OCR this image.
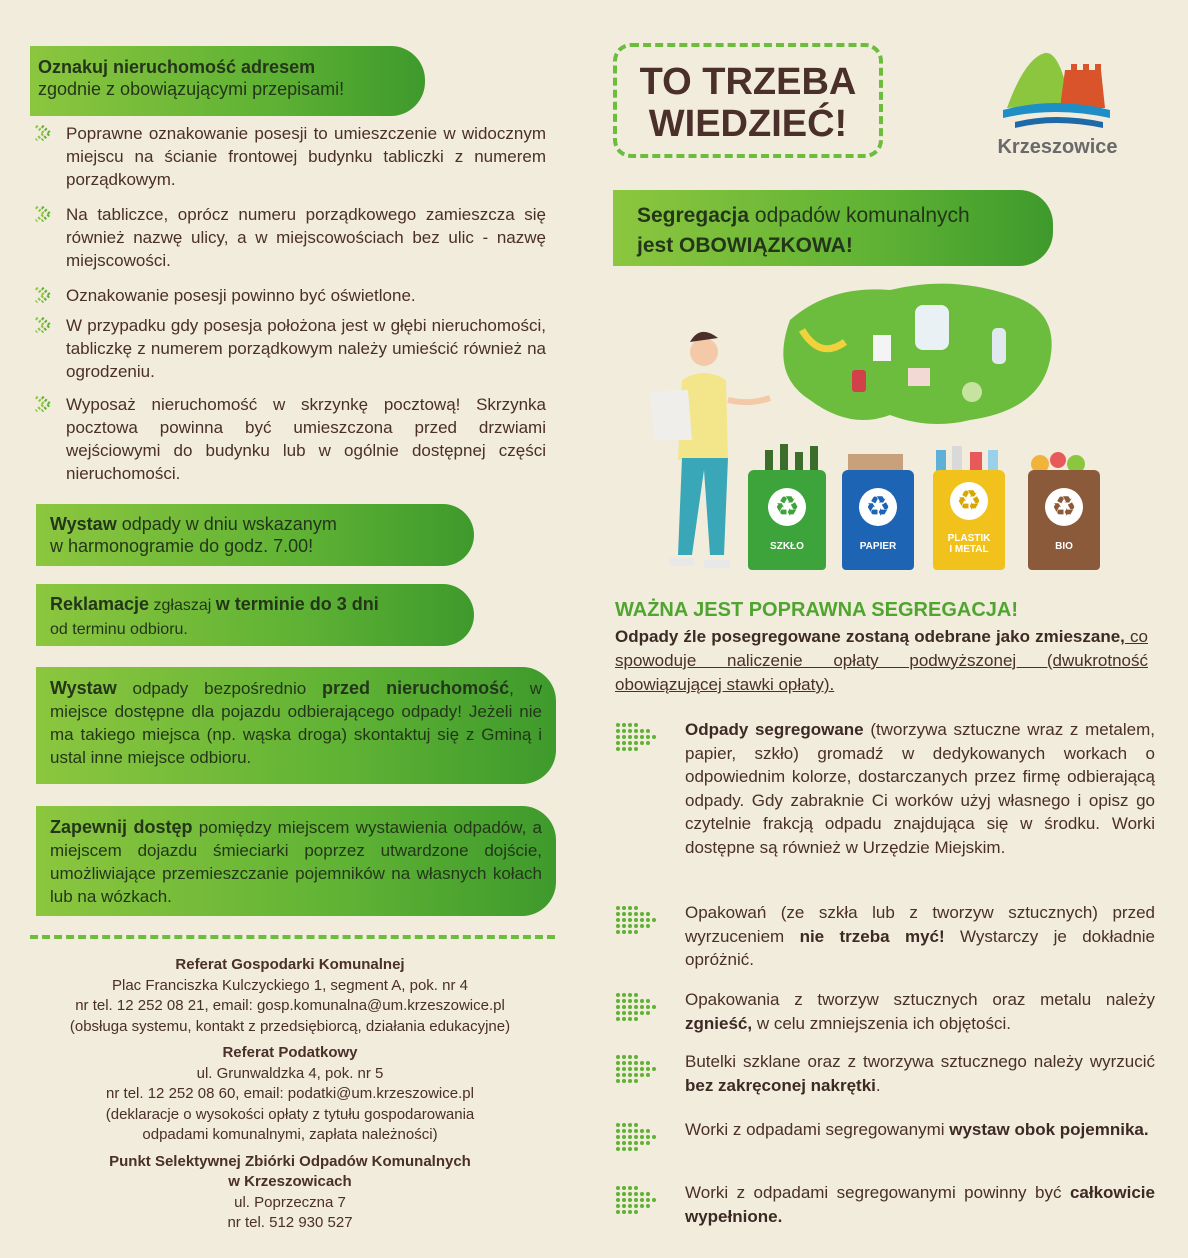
Oznakuj nieruchomość adresem
zgodnie z obowiązującymi przepisami!

Poprawne oznakowanie posesji to umieszczenie w widocznym miejscu na ścianie frontowej budynku tabliczki z numerem porządkowym.

Na tabliczce, oprócz numeru porządkowego zamieszcza się również nazwę ulicy, a w miejscowościach bez ulic - nazwę miejscowości.

Oznakowanie posesji powinno być oświetlone.

W przypadku gdy posesja położona jest w głębi nieruchomości, tabliczkę z numerem porządkowym należy umieścić również na ogrodzeniu.

Wyposaż nieruchomość w skrzynkę pocztową! Skrzynka pocztowa powinna być umieszczona przed drzwiami wejściowymi do budynku lub w ogólnie dostępnej części nieruchomości.

Wystaw odpady w dniu wskazanym
w harmonogramie do godz. 7.00!
Reklamacje zgłaszaj w terminie do 3 dni
od terminu odbioru.
Wystaw odpady bezpośrednio przed nieruchomość, w miejsce dostępne dla pojazdu odbierającego odpady! Jeżeli nie ma takiego miejsca (np. wąska droga) skontaktuj się z Gminą i ustal inne miejsce odbioru.
Zapewnij dostęp pomiędzy miejscem wystawienia odpadów, a miejscem dojazdu śmieciarki poprzez utwardzone dojście, umożliwiające przemieszczanie pojemników na własnych kołach lub na wózkach.
Referat Gospodarki Komunalnej
Plac Franciszka Kulczyckiego 1, segment A, pok. nr 4
nr tel. 12 252 08 21, email: gosp.komunalna@um.krzeszowice.pl
(obsługa systemu, kontakt z przedsiębiorcą, działania edukacyjne)

Referat Podatkowy
ul. Grunwaldzka 4, pok. nr 5
nr tel. 12 252 08 60, email: podatki@um.krzeszowice.pl
(deklaracje o wysokości opłaty z tytułu gospodarowania
odpadami komunalnymi, zapłata należności)

Punkt Selektywnej Zbiórki Odpadów Komunalnych
w Krzeszowicach
ul. Poprzeczna 7
nr tel. 512 930 527
TO TRZEBA
WIEDZIEĆ!
Krzeszowice
Segregacja odpadów komunalnych
jest OBOWIĄZKOWA!
♻
SZKŁO
♻
PAPIER
♻
PLASTIK
I METAL
♻
BIO
WAŻNA JEST POPRAWNA SEGREGACJA!
Odpady źle posegregowane zostaną odebrane jako zmieszane, co spowoduje naliczenie opłaty podwyższonej (dwukrotność obowiązującej stawki opłaty).

Odpady segregowane (tworzywa sztuczne wraz z metalem, papier, szkło) gromadź w dedykowanych workach o odpowiednim kolorze, dostarczanych przez firmę odbierającą odpady. Gdy zabraknie Ci worków użyj własnego i opisz go czytelnie frakcją odpadu znajdująca się w środku. Worki dostępne są również w Urzędzie Miejskim.

Opakowań (ze szkła lub z tworzyw sztucznych) przed wyrzuceniem nie trzeba myć! Wystarczy je dokładnie opróżnić.

Opakowania z tworzyw sztucznych oraz metalu należy zgnieść, w celu zmniejszenia ich objętości.

Butelki szklane oraz z tworzywa sztucznego należy wyrzucić bez zakręconej nakrętki.

Worki z odpadami segregowanymi wystaw obok pojemnika.

Worki z odpadami segregowanymi powinny być całkowicie wypełnione.
